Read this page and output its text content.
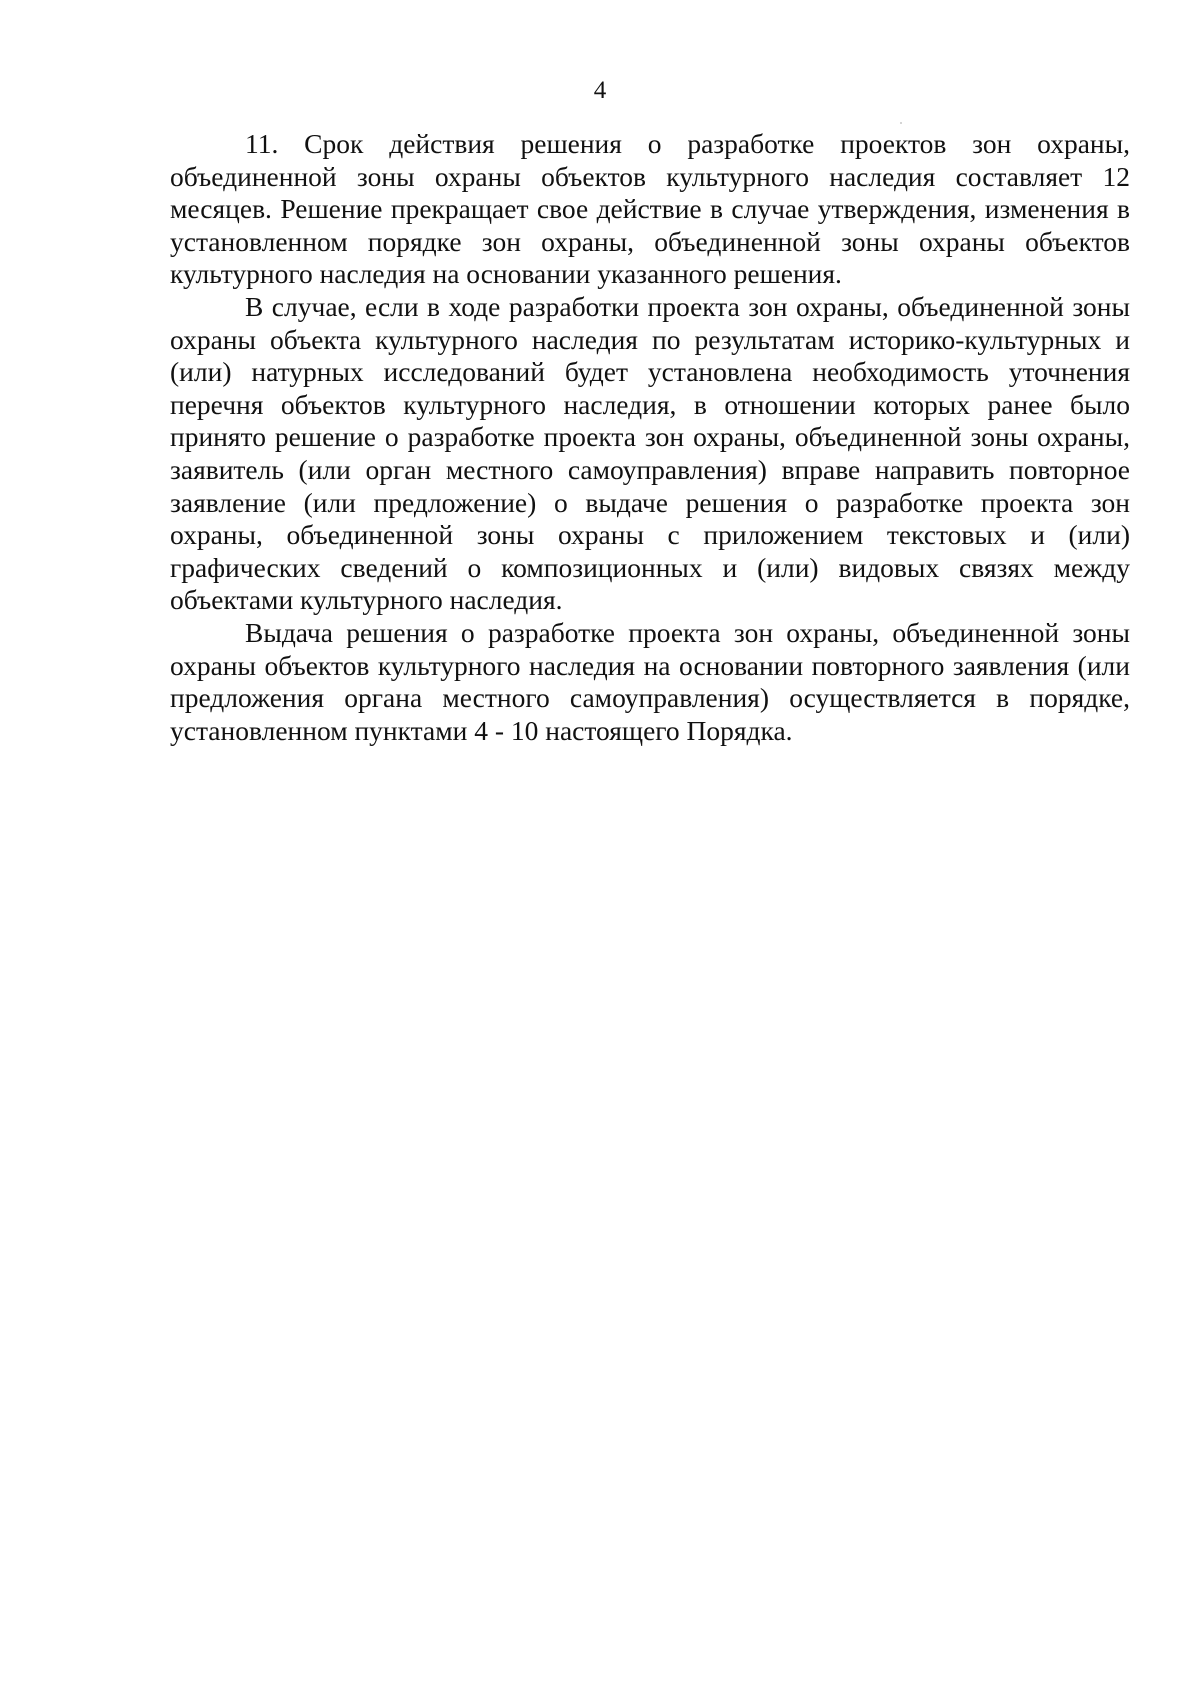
4

11. Срок действия решения о разработке проектов зон охраны, объединенной зоны охраны объектов культурного наследия составляет 12 месяцев. Решение прекращает свое действие в случае утверждения, изменения в установленном порядке зон охраны, объединенной зоны охраны объектов культурного наследия на основании указанного решения.

В случае, если в ходе разработки проекта зон охраны, объединенной зоны охраны объекта культурного наследия по результатам историко-культурных и (или) натурных исследований будет установлена необходимость уточнения перечня объектов культурного наследия, в отношении которых ранее было принято решение о разработке проекта зон охраны, объединенной зоны охраны, заявитель (или орган местного самоуправления) вправе направить повторное заявление (или предложение) о выдаче решения о разработке проекта зон охраны, объединенной зоны охраны с приложением текстовых и (или) графических сведений о композиционных и (или) видовых связях между объектами культурного наследия.

Выдача решения о разработке проекта зон охраны, объединенной зоны охраны объектов культурного наследия на основании повторного заявления (или предложения органа местного самоуправления) осуществляется в порядке, установленном пунктами 4 - 10 настоящего Порядка.
